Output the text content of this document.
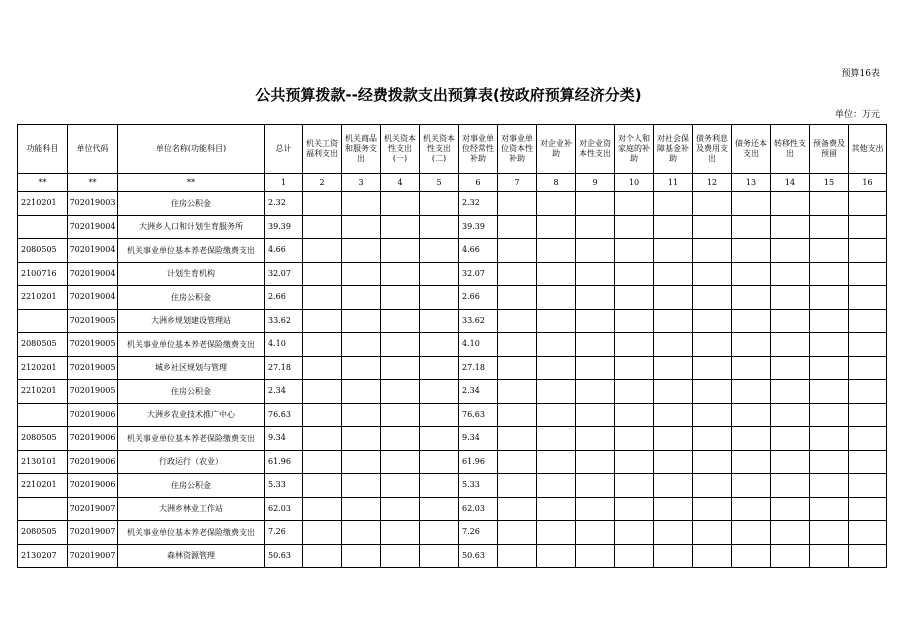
预算16表
公共预算拨款--经费拨款支出预算表(按政府预算经济分类)
单位：万元
功能科目	单位代码	单位名称(功能科目)	总计	机关工资福利支出	机关商品和服务支出	机关资本性支出(一)	机关资本性支出(二)	对事业单位经常性补助	对事业单位资本性补助	对企业补助	对企业资本性支出	对个人和家庭的补助	对社会保障基金补助	债务利息及费用支出	债务还本支出	转移性支出	预备费及预留	其他支出
**	**	**	1	2	3	4	5	6	7	8	9	10	11	12	13	14	15	16
2210201	702019003	住房公积金	2.32					2.32										
	702019004	大洲乡人口和计划生育服务所	39.39					39.39										
2080505	702019004	机关事业单位基本养老保险缴费支出	4.66					4.66										
2100716	702019004	计划生育机构	32.07					32.07										
2210201	702019004	住房公积金	2.66					2.66										
	702019005	大洲乡规划建设管理站	33.62					33.62										
2080505	702019005	机关事业单位基本养老保险缴费支出	4.10					4.10										
2120201	702019005	城乡社区规划与管理	27.18					27.18										
2210201	702019005	住房公积金	2.34					2.34										
	702019006	大洲乡农业技术推广中心	76.63					76.63										
2080505	702019006	机关事业单位基本养老保险缴费支出	9.34					9.34										
2130101	702019006	行政运行（农业）	61.96					61.96										
2210201	702019006	住房公积金	5.33					5.33										
	702019007	大洲乡林业工作站	62.03					62.03										
2080505	702019007	机关事业单位基本养老保险缴费支出	7.26					7.26										
2130207	702019007	森林资源管理	50.63					50.63										
